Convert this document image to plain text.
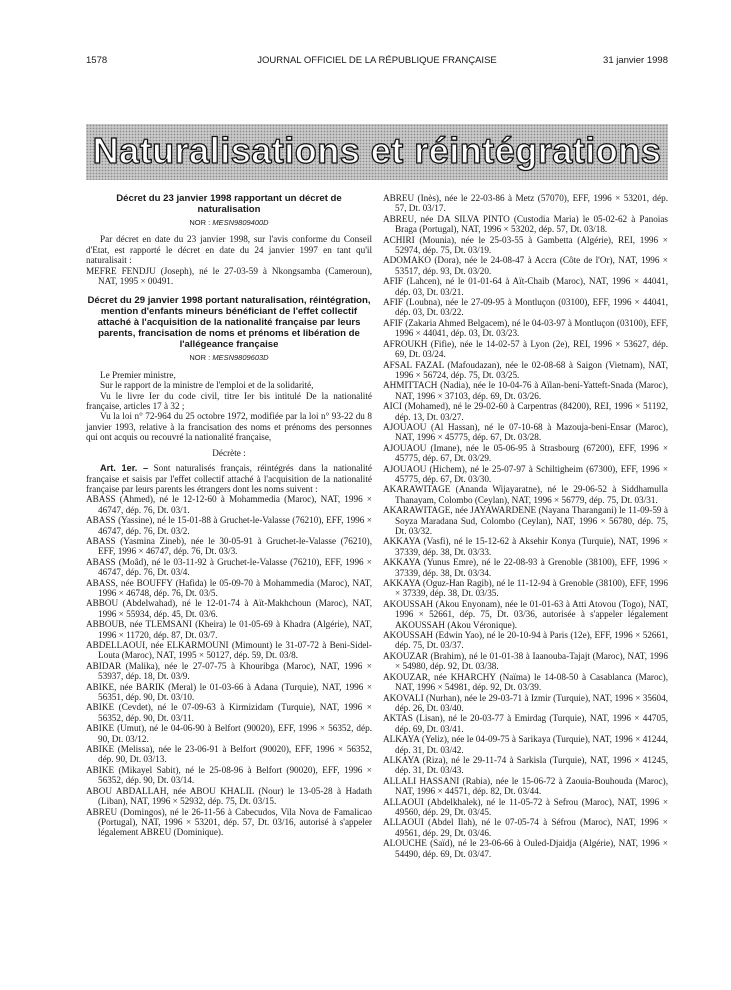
1578	JOURNAL OFFICIEL DE LA RÉPUBLIQUE FRANÇAISE	31 janvier 1998
Naturalisations et réintégrations

Décret du 23 janvier 1998 rapportant un décret de naturalisation

NOR : MESN9809400D

Par décret en date du 23 janvier 1998, sur l'avis conforme du Conseil d'Etat, est rapporté le décret en date du 24 janvier 1997 en tant qu'il naturalisait :

MEFRE FENDJU (Joseph), né le 27-03-59 à Nkongsamba (Cameroun), NAT, 1995 × 00491.

Décret du 29 janvier 1998 portant naturalisation, réintégration, mention d'enfants mineurs bénéficiant de l'effet collectif attaché à l'acquisition de la nationalité française par leurs parents, francisation de noms et prénoms et libération de l'allégeance française

NOR : MESN9809603D

Le Premier ministre,

Sur le rapport de la ministre de l'emploi et de la solidarité,

Vu le livre Ier du code civil, titre Ier bis intitulé De la nationalité française, articles 17 à 32 ;

Vu la loi n° 72-964 du 25 octobre 1972, modifiée par la loi n° 93-22 du 8 janvier 1993, relative à la francisation des noms et prénoms des personnes qui ont acquis ou recouvré la nationalité française,

Décrète :

Art. 1er. – Sont naturalisés français, réintégrés dans la nationalité française et saisis par l'effet collectif attaché à l'acquisition de la nationalité française par leurs parents les étrangers dont les noms suivent :

ABASS (Ahmed), né le 12-12-60 à Mohammedia (Maroc), NAT, 1996 × 46747, dép. 76, Dt. 03/1.

ABASS (Yassine), né le 15-01-88 à Gruchet-le-Valasse (76210), EFF, 1996 × 46747, dép. 76, Dt. 03/2.

ABASS (Yasmina Zineb), née le 30-05-91 à Gruchet-le-Valasse (76210), EFF, 1996 × 46747, dép. 76, Dt. 03/3.

ABASS (Moâd), né le 03-11-92 à Gruchet-le-Valasse (76210), EFF, 1996 × 46747, dép. 76, Dt. 03/4.

ABASS, née BOUFFY (Hafida) le 05-09-70 à Mohammedia (Maroc), NAT, 1996 × 46748, dép. 76, Dt. 03/5.

ABBOU (Abdelwahad), né le 12-01-74 à Aït-Makhchoun (Maroc), NAT, 1996 × 55934, dép. 45, Dt. 03/6.

ABBOUB, née TLEMSANI (Kheira) le 01-05-69 à Khadra (Algérie), NAT, 1996 × 11720, dép. 87, Dt. 03/7.

ABDELLAOUI, née ELKARMOUNI (Mimount) le 31-07-72 à Beni-Sidel-Louta (Maroc), NAT, 1995 × 50127, dép. 59, Dt. 03/8.

ABIDAR (Malika), née le 27-07-75 à Khouribga (Maroc), NAT, 1996 × 53937, dép. 18, Dt. 03/9.

ABIKE, née BARIK (Meral) le 01-03-66 à Adana (Turquie), NAT, 1996 × 56351, dép. 90, Dt. 03/10.

ABIKE (Cevdet), né le 07-09-63 à Kirmizidam (Turquie), NAT, 1996 × 56352, dép. 90, Dt. 03/11.

ABIKE (Umut), né le 04-06-90 à Belfort (90020), EFF, 1996 × 56352, dép. 90, Dt. 03/12.

ABIKE (Melissa), née le 23-06-91 à Belfort (90020), EFF, 1996 × 56352, dép. 90, Dt. 03/13.

ABIKE (Mikayel Sabit), né le 25-08-96 à Belfort (90020), EFF, 1996 × 56352, dép. 90, Dt. 03/14.

ABOU ABDALLAH, née ABOU KHALIL (Nour) le 13-05-28 à Hadath (Liban), NAT, 1996 × 52932, dép. 75, Dt. 03/15.

ABREU (Domingos), né le 26-11-56 à Cabecudos, Vila Nova de Famalicao (Portugal), NAT, 1996 × 53201, dép. 57, Dt. 03/16, autorisé à s'appeler légalement ABREU (Dominique).

ABREU (Inès), née le 22-03-86 à Metz (57070), EFF, 1996 × 53201, dép. 57, Dt. 03/17.

ABREU, née DA SILVA PINTO (Custodia Maria) le 05-02-62 à Panoias Braga (Portugal), NAT, 1996 × 53202, dép. 57, Dt. 03/18.

ACHIRI (Mounia), née le 25-03-55 à Gambetta (Algérie), REI, 1996 × 52974, dép. 75, Dt. 03/19.

ADOMAKO (Dora), née le 24-08-47 à Accra (Côte de l'Or), NAT, 1996 × 53517, dép. 93, Dt. 03/20.

AFIF (Lahcen), né le 01-01-64 à Aït-Chaib (Maroc), NAT, 1996 × 44041, dép. 03, Dt. 03/21.

AFIF (Loubna), née le 27-09-95 à Montluçon (03100), EFF, 1996 × 44041, dép. 03, Dt. 03/22.

AFIF (Zakaria Ahmed Belgacem), né le 04-03-97 à Montluçon (03100), EFF, 1996 × 44041, dép. 03, Dt. 03/23.

AFROUKH (Fifie), née le 14-02-57 à Lyon (2e), REI, 1996 × 53627, dép. 69, Dt. 03/24.

AFSAL FAZAL (Mafoudazan), née le 02-08-68 à Saigon (Vietnam), NAT, 1996 × 56724, dép. 75, Dt. 03/25.

AHMITTACH (Nadia), née le 10-04-76 à Aïlan-beni-Yatteft-Snada (Maroc), NAT, 1996 × 37103, dép. 69, Dt. 03/26.

AICI (Mohamed), né le 29-02-60 à Carpentras (84200), REI, 1996 × 51192, dép. 13, Dt. 03/27.

AJOUAOU (Al Hassan), né le 07-10-68 à Mazouja-beni-Ensar (Maroc), NAT, 1996 × 45775, dép. 67, Dt. 03/28.

AJOUAOU (Imane), née le 05-06-95 à Strasbourg (67200), EFF, 1996 × 45775, dép. 67, Dt. 03/29.

AJOUAOU (Hichem), né le 25-07-97 à Schiltigheim (67300), EFF, 1996 × 45775, dép. 67, Dt. 03/30.

AKARAWITAGE (Ananda Wijayaratne), né le 29-06-52 à Siddhamulla Thanayam, Colombo (Ceylan), NAT, 1996 × 56779, dép. 75, Dt. 03/31.

AKARAWITAGE, née JAYAWARDENE (Nayana Tharangani) le 11-09-59 à Soyza Maradana Sud, Colombo (Ceylan), NAT, 1996 × 56780, dép. 75, Dt. 03/32.

AKKAYA (Vasfi), né le 15-12-62 à Aksehir Konya (Turquie), NAT, 1996 × 37339, dép. 38, Dt. 03/33.

AKKAYA (Yunus Emre), né le 22-08-93 à Grenoble (38100), EFF, 1996 × 37339, dép. 38, Dt. 03/34.

AKKAYA (Oguz-Han Ragib), né le 11-12-94 à Grenoble (38100), EFF, 1996 × 37339, dép. 38, Dt. 03/35.

AKOUSSAH (Akou Enyonam), née le 01-01-63 à Atti Atovou (Togo), NAT, 1996 × 52661, dép. 75, Dt. 03/36, autorisée à s'appeler légalement AKOUSSAH (Akou Véronique).

AKOUSSAH (Edwin Yao), né le 20-10-94 à Paris (12e), EFF, 1996 × 52661, dép. 75, Dt. 03/37.

AKOUZAR (Brahim), né le 01-01-38 à Iaanouba-Tajajt (Maroc), NAT, 1996 × 54980, dép. 92, Dt. 03/38.

AKOUZAR, née KHARCHY (Naïma) le 14-08-50 à Casablanca (Maroc), NAT, 1996 × 54981, dép. 92, Dt. 03/39.

AKOVALI (Nurhan), née le 29-03-71 à Izmir (Turquie), NAT, 1996 × 35604, dép. 26, Dt. 03/40.

AKTAS (Lisan), né le 20-03-77 à Emirdag (Turquie), NAT, 1996 × 44705, dép. 69, Dt. 03/41.

ALKAYA (Yeliz), née le 04-09-75 à Sarikaya (Turquie), NAT, 1996 × 41244, dép. 31, Dt. 03/42.

ALKAYA (Riza), né le 29-11-74 à Sarkisla (Turquie), NAT, 1996 × 41245, dép. 31, Dt. 03/43.

ALLALI HASSANI (Rabia), née le 15-06-72 à Zaouia-Bouhouda (Maroc), NAT, 1996 × 44571, dép. 82, Dt. 03/44.

ALLAOUI (Abdelkhalek), né le 11-05-72 à Sefrou (Maroc), NAT, 1996 × 49560, dép. 29, Dt. 03/45.

ALLAOUI (Abdel Ilah), né le 07-05-74 à Séfrou (Maroc), NAT, 1996 × 49561, dép. 29, Dt. 03/46.

ALOUCHE (Saïd), né le 23-06-66 à Ouled-Djaidja (Algérie), NAT, 1996 × 54490, dép. 69, Dt. 03/47.
